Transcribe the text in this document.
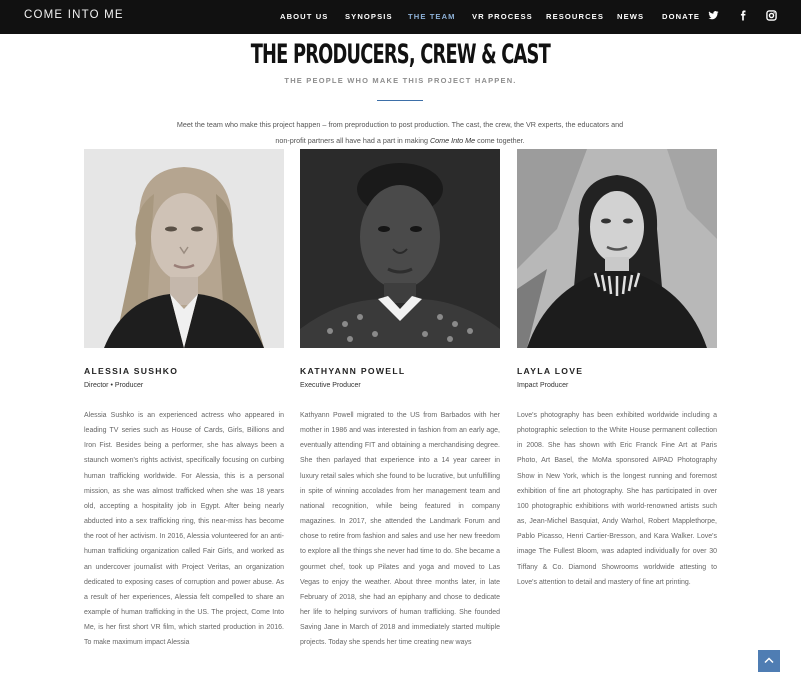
COME INTO ME	ABOUT US SYNOPSIS THE TEAM VR PROCESS RESOURCES NEWS DONATE
THE PRODUCERS, CREW & CAST
THE PEOPLE WHO MAKE THIS PROJECT HAPPEN.
Meet the team who make this project happen – from preproduction to post production. The cast, the crew, the VR experts, the educators and non-profit partners all have had a part in making Come Into Me come together.
ALESSIA SUSHKO
Director • Producer
Alessia Sushko is an experienced actress who appeared in leading TV series such as House of Cards, Girls, Billions and Iron Fist. Besides being a performer, she has always been a staunch women's rights activist, specifically focusing on curbing human trafficking worldwide. For Alessia, this is a personal mission, as she was almost trafficked when she was 18 years old, accepting a hospitality job in Egypt. After being nearly abducted into a sex trafficking ring, this near-miss has become the root of her activism. In 2016, Alessia volunteered for an anti-human trafficking organization called Fair Girls, and worked as an undercover journalist with Project Veritas, an organization dedicated to exposing cases of corruption and power abuse. As a result of her experiences, Alessia felt compelled to share an example of human trafficking in the US. The project, Come Into Me, is her first short VR film, which started production in 2016. To make maximum impact Alessia
KATHYANN POWELL
Executive Producer
Kathyann Powell migrated to the US from Barbados with her mother in 1986 and was interested in fashion from an early age, eventually attending FIT and obtaining a merchandising degree. She then parlayed that experience into a 14 year career in luxury retail sales which she found to be lucrative, but unfulfilling in spite of winning accolades from her management team and national recognition, while being featured in company magazines. In 2017, she attended the Landmark Forum and chose to retire from fashion and sales and use her new freedom to explore all the things she never had time to do. She became a gourmet chef, took up Pilates and yoga and moved to Las Vegas to enjoy the weather. About three months later, in late February of 2018, she had an epiphany and chose to dedicate her life to helping survivors of human trafficking. She founded Saving Jane in March of 2018 and immediately started multiple projects. Today she spends her time creating new ways
LAYLA LOVE
Impact Producer
Love's photography has been exhibited worldwide including a photographic selection to the White House permanent collection in 2008. She has shown with Eric Franck Fine Art at Paris Photo, Art Basel, the MoMa sponsored AIPAD Photography Show in New York, which is the longest running and foremost exhibition of fine art photography. She has participated in over 100 photographic exhibitions with world-renowned artists such as, Jean-Michel Basquiat, Andy Warhol, Robert Mapplethorpe, Pablo Picasso, Henri Cartier-Bresson, and Kara Walker. Love's image The Fullest Bloom, was adapted individually for over 30 Tiffany & Co. Diamond Showrooms worldwide attesting to Love's attention to detail and mastery of fine art printing.
